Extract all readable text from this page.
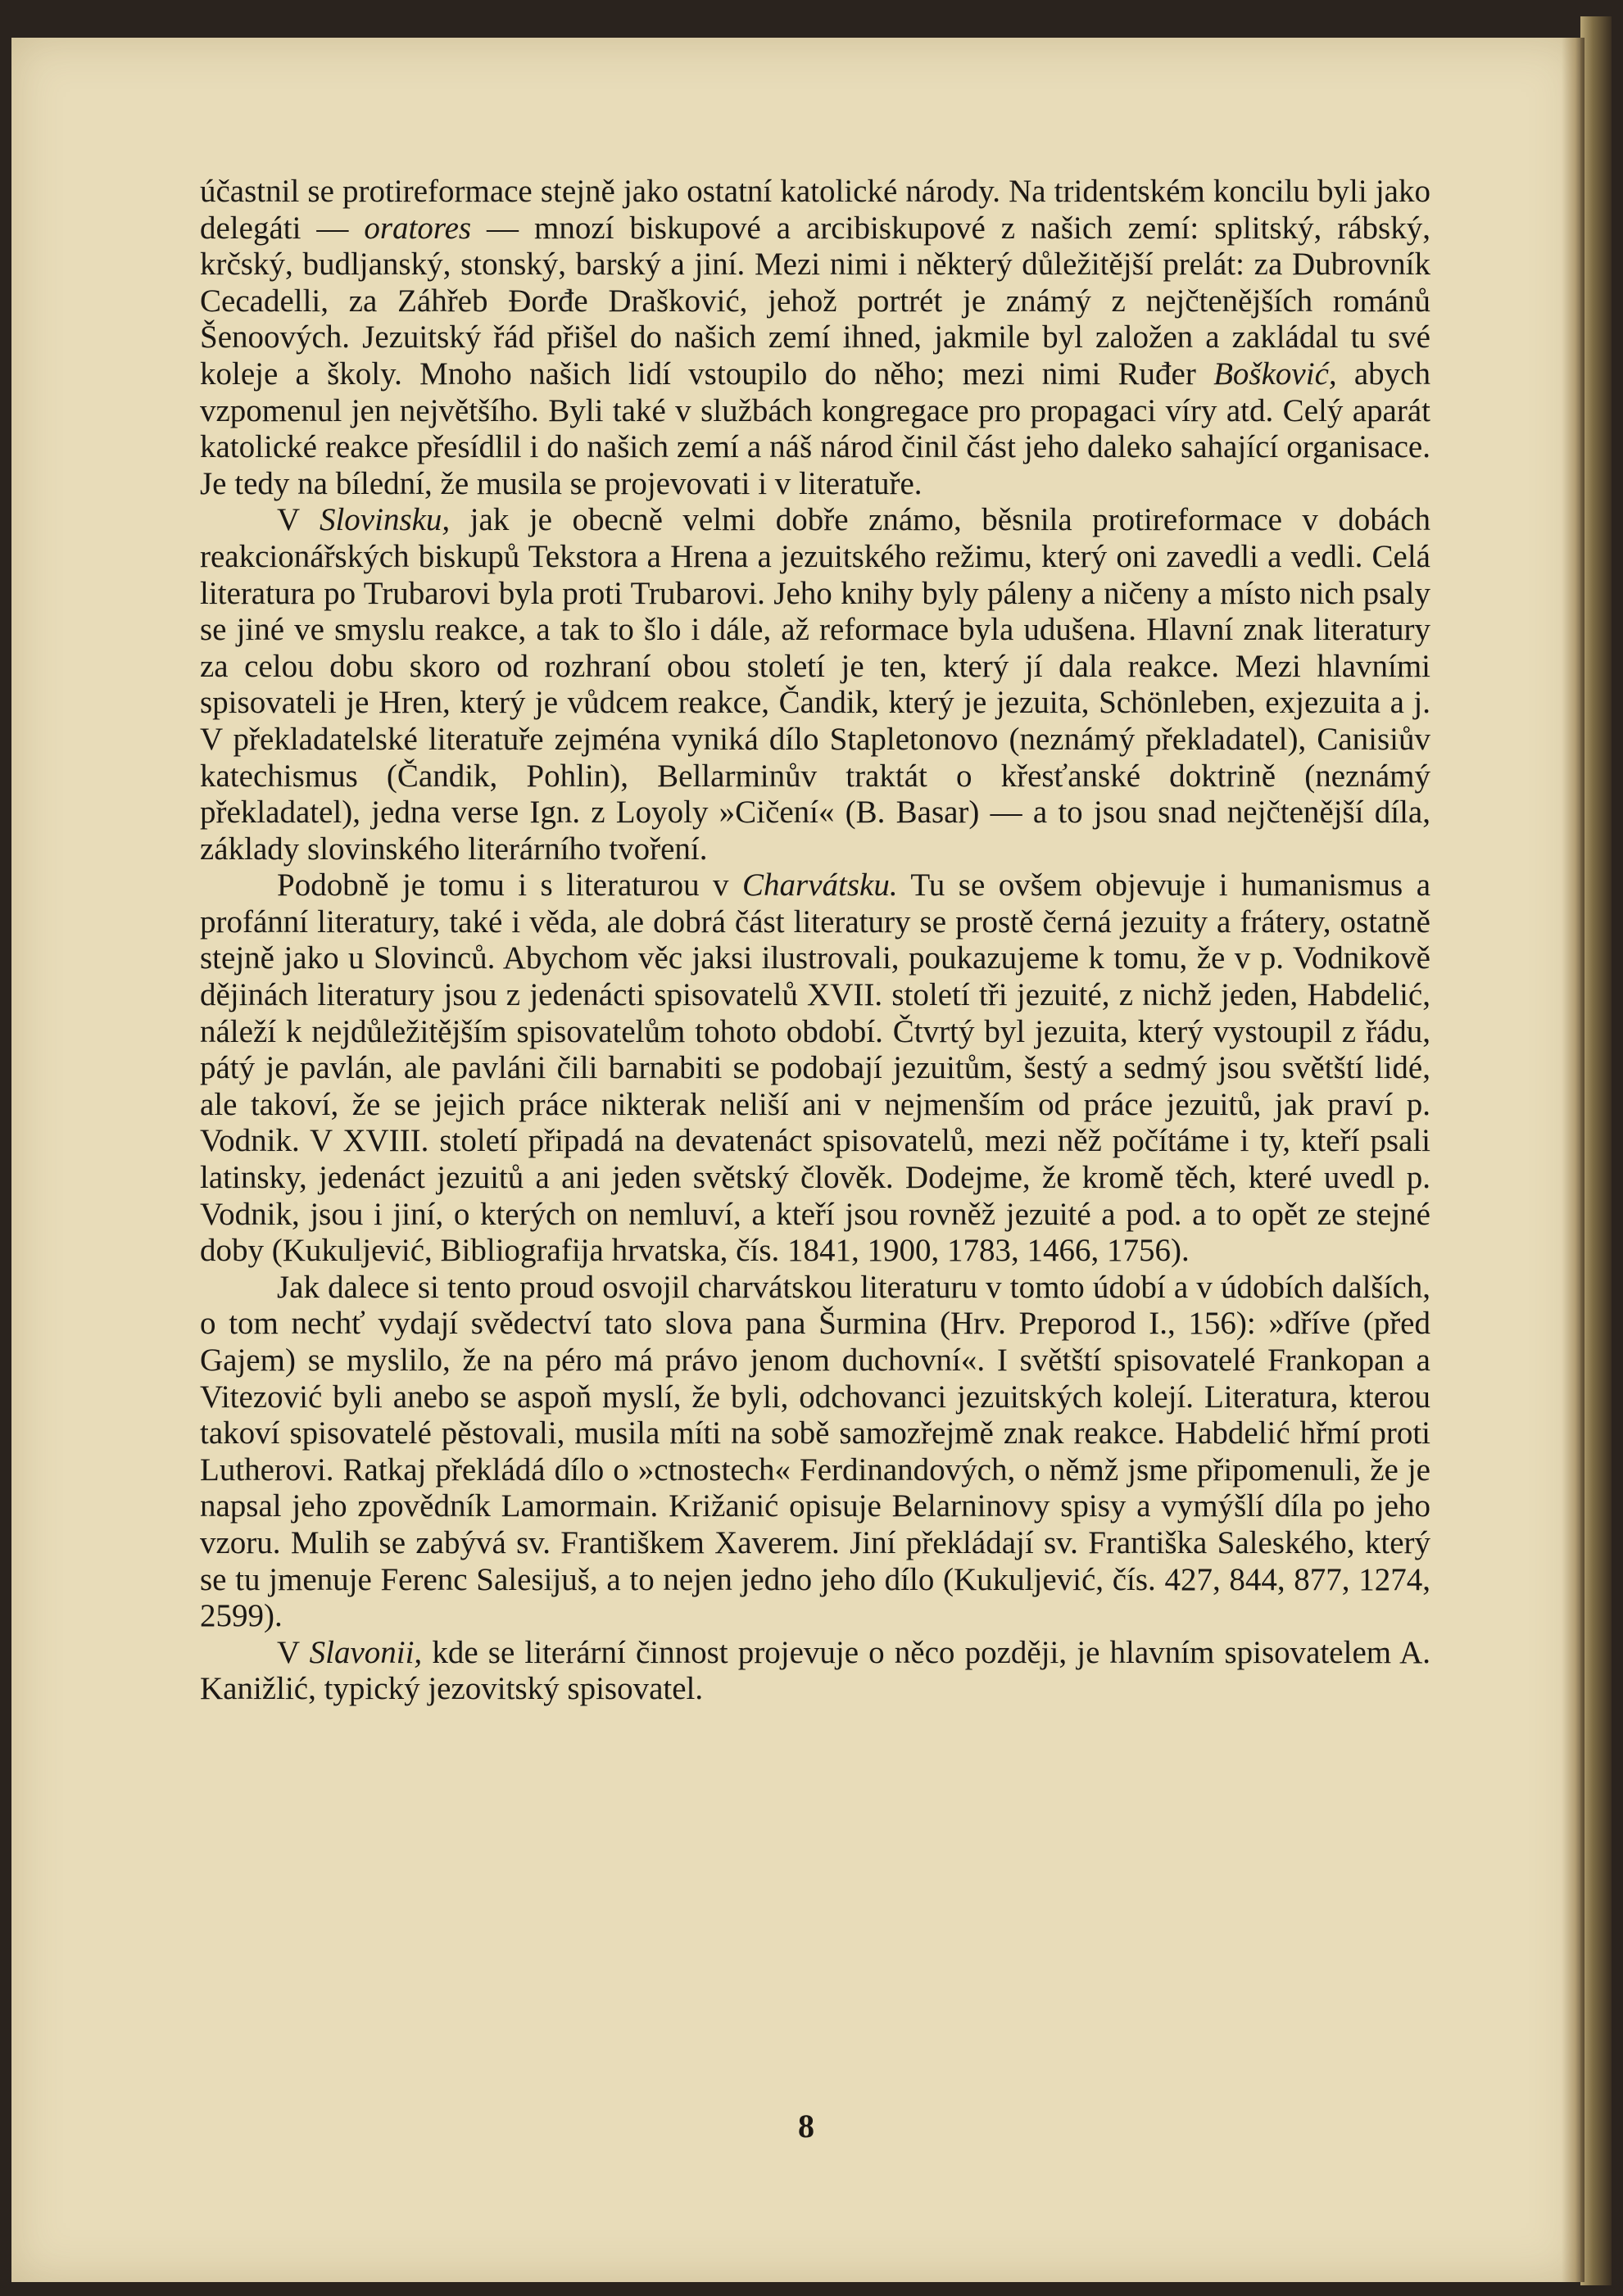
účastnil se protireformace stejně jako ostatní katolické národy. Na tridentském koncilu byli jako delegáti — oratores — mnozí biskupové a arcibiskupové z našich zemí: splitský, rábský, krčský, budljanský, stonský, barský a jiní. Mezi nimi i některý důležitější prelát: za Dubrovník Cecadelli, za Záhřeb Đorđe Drašković, jehož portrét je známý z nejčtenějších románů Šenoových. Jezuitský řád přišel do našich zemí ihned, jakmile byl založen a zakládal tu své koleje a školy. Mnoho našich lidí vstoupilo do něho; mezi nimi Ruđer Bošković, abych vzpomenul jen největšího. Byli také v službách kongregace pro propagaci víry atd. Celý aparát katolické reakce přesídlil i do našich zemí a náš národ činil část jeho daleko sahající organisace. Je tedy na bílední, že musila se projevovati i v literatuře.

V Slovinsku, jak je obecně velmi dobře známo, běsnila protireformace v dobách reakcionářských biskupů Tekstora a Hrena a jezuitského režimu, který oni zavedli a vedli. Celá literatura po Trubarovi byla proti Trubarovi. Jeho knihy byly páleny a ničeny a místo nich psaly se jiné ve smyslu reakce, a tak to šlo i dále, až reformace byla udušena. Hlavní znak literatury za celou dobu skoro od rozhraní obou století je ten, který jí dala reakce. Mezi hlavními spisovateli je Hren, který je vůdcem reakce, Čandik, který je jezuita, Schönleben, exjezuita a j. V překladatelské literatuře zejména vyniká dílo Stapletonovo (neznámý překladatel), Canisiův katechismus (Čandik, Pohlin), Bellarminův traktát o křesťanské doktrině (neznámý překladatel), jedna verse Ign. z Loyoly »Cičení« (B. Basar) — a to jsou snad nejčtenější díla, základy slovinského literárního tvoření.

Podobně je tomu i s literaturou v Charvátsku. Tu se ovšem objevuje i humanismus a profánní literatury, také i věda, ale dobrá část literatury se prostě černá jezuity a frátery, ostatně stejně jako u Slovinců. Abychom věc jaksi ilustrovali, poukazujeme k tomu, že v p. Vodnikově dějinách literatury jsou z jedenácti spisovatelů XVII. století tři jezuité, z nichž jeden, Habdelić, náleží k nejdůležitějším spisovatelům tohoto období. Čtvrtý byl jezuita, který vystoupil z řádu, pátý je pavlán, ale pavláni čili barnabiti se podobají jezuitům, šestý a sedmý jsou světští lidé, ale takoví, že se jejich práce nikterak neliší ani v nejmenším od práce jezuitů, jak praví p. Vodnik. V XVIII. století připadá na devatenáct spisovatelů, mezi něž počítáme i ty, kteří psali latinsky, jedenáct jezuitů a ani jeden světský člověk. Dodejme, že kromě těch, které uvedl p. Vodnik, jsou i jiní, o kterých on nemluví, a kteří jsou rovněž jezuité a pod. a to opět ze stejné doby (Kukuljević, Bibliografija hrvatska, čís. 1841, 1900, 1783, 1466, 1756).

Jak dalece si tento proud osvojil charvátskou literaturu v tomto údobí a v údobích dalších, o tom nechť vydají svědectví tato slova pana Šurmina (Hrv. Preporod I., 156): »dříve (před Gajem) se myslilo, že na péro má právo jenom duchovní«. I světští spisovatelé Frankopan a Vitezović byli anebo se aspoň myslí, že byli, odchovanci jezuitských kolejí. Literatura, kterou takoví spisovatelé pěstovali, musila míti na sobě samozřejmě znak reakce. Habdelić hřmí proti Lutherovi. Ratkaj překládá dílo o »ctnostech« Ferdinandových, o němž jsme připomenuli, že je napsal jeho zpovědník Lamormain. Križanić opisuje Belarninovy spisy a vymýšlí díla po jeho vzoru. Mulih se zabývá sv. Františkem Xaverem. Jiní překládají sv. Františka Saleského, který se tu jmenuje Ferenc Salesijuš, a to nejen jedno jeho dílo (Kukuljević, čís. 427, 844, 877, 1274, 2599).

V Slavonii, kde se literární činnost projevuje o něco později, je hlavním spisovatelem A. Kanižlić, typický jezovitský spisovatel.

8
